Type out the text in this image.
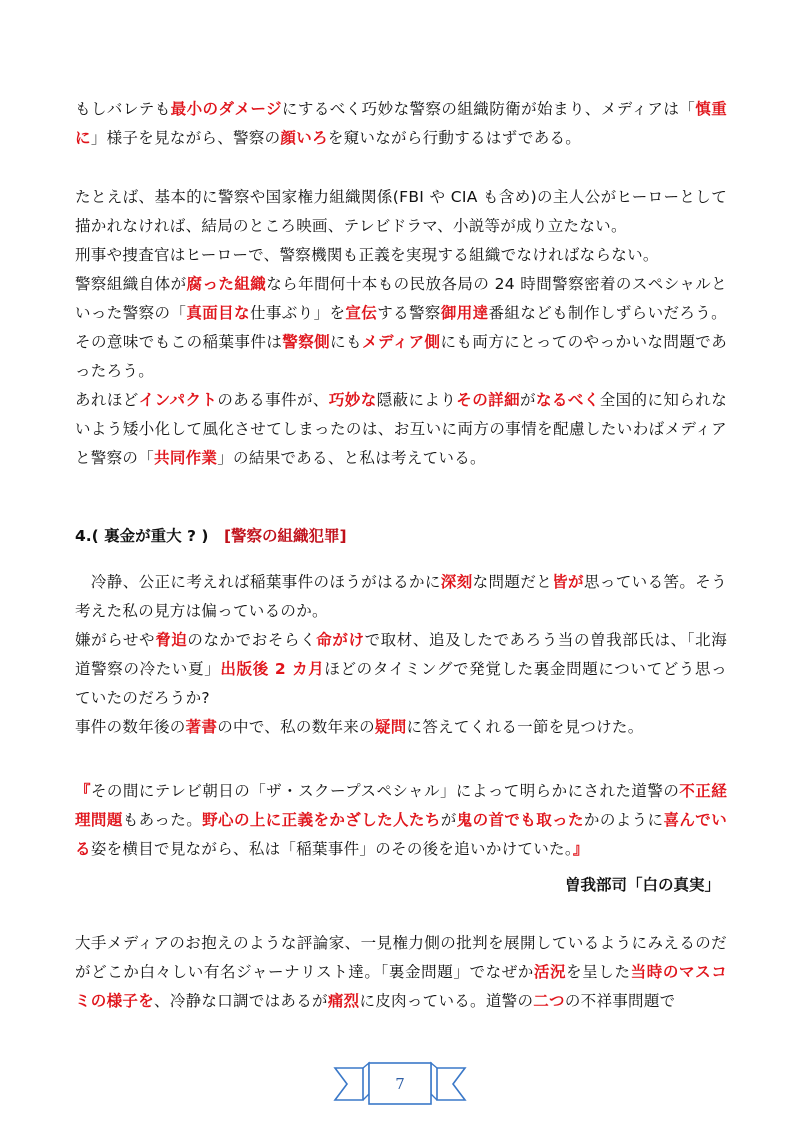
もしバレテも最小のダメージにするべく巧妙な警察の組織防衛が始まり、メディアは「慎重に」様子を見ながら、警察の顔いろを窺いながら行動するはずである。
たとえば、基本的に警察や国家権力組織関係(FBI や CIA も含め)の主人公がヒーローとして描かれなければ、結局のところ映画、テレビドラマ、小説等が成り立たない。
刑事や捜査官はヒーローで、警察機関も正義を実現する組織でなければならない。
警察組織自体が腐った組織なら年間何十本もの民放各局の 24 時間警察密着のスペシャルといった警察の「真面目な仕事ぶり」を宣伝する警察御用達番組なども制作しずらいだろう。その意味でもこの稲葉事件は警察側にもメディア側にも両方にとってのやっかいな問題であったろう。
あれほどインパクトのある事件が、巧妙な隠蔽によりその詳細がなるべく全国的に知られないよう矮小化して風化させてしまったのは、お互いに両方の事情を配慮したいわばメディアと警察の「共同作業」の結果である、と私は考えている。
4.( 裏金が重大 ? ) [警察の組織犯罪]
　冷静、公正に考えれば稲葉事件のほうがはるかに深刻な問題だと皆が思っている筈。そう考えた私の見方は偏っているのか。
嫌がらせや脅迫のなかでおそらく命がけで取材、追及したであろう当の曽我部氏は、「北海道警察の冷たい夏」出版後 2 カ月ほどのタイミングで発覚した裏金問題についてどう思っていたのだろうか?
事件の数年後の著書の中で、私の数年来の疑問に答えてくれる一節を見つけた。
『その間にテレビ朝日の「ザ・スクープスペシャル」によって明らかにされた道警の不正経理問題もあった。野心の上に正義をかざした人たちが鬼の首でも取ったかのように喜んでいる姿を横目で見ながら、私は「稲葉事件」のその後を追いかけていた。』
曽我部司「白の真実」
大手メディアのお抱えのような評論家、一見権力側の批判を展開しているようにみえるのだがどこか白々しい有名ジャーナリスト達。「裏金問題」でなぜか活況を呈した当時のマスコミの様子を、冷静な口調ではあるが痛烈に皮肉っている。道警の二つの不祥事問題で
7
